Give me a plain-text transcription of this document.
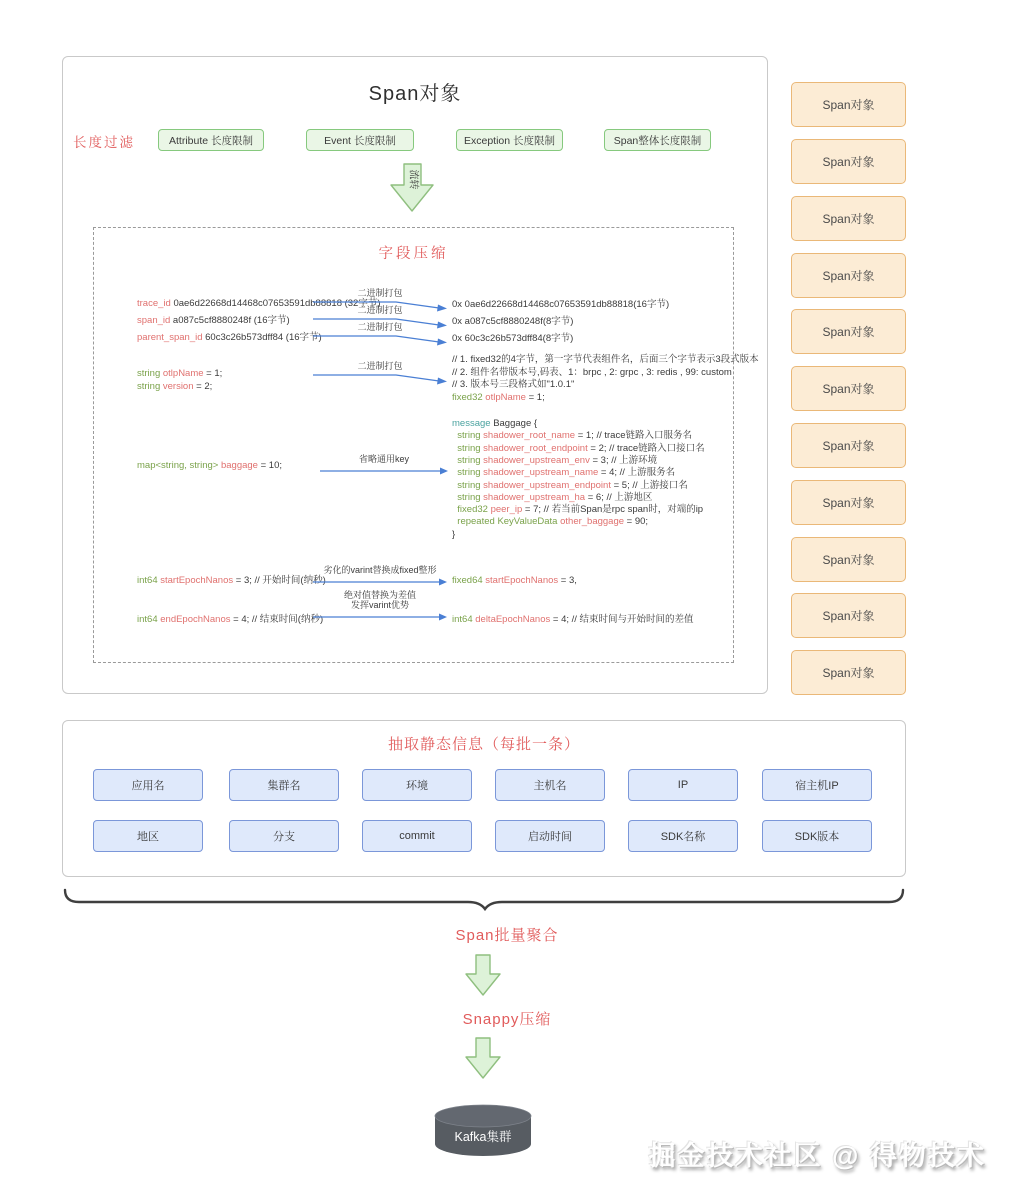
Span对象
长度过滤	Attribute 长度限制	Event 长度限制	Exception 长度限制	Span整体长度限制
流转
字段压缩
trace_id 0ae6d22668d14468c07653591db88818 (32字节)
二进制打包
0x 0ae6d22668d14468c07653591db88818(16字节)
span_id a087c5cf8880248f (16字节)
二进制打包
0x a087c5cf8880248f(8字节)
parent_span_id 60c3c26b573dff84 (16字节)
二进制打包
0x 60c3c26b573dff84(8字节)
string otlpName = 1;
string version = 2;
二进制打包
// 1. fixed32的4字节，第一字节代表组件名，后面三个字节表示3段式版本
// 2. 组件名带版本号,码表、1：brpc , 2: grpc , 3: redis , 99: custom
// 3. 版本号三段格式如"1.0.1"
fixed32 otlpName = 1;
map<string, string> baggage = 10;
省略通用key
message Baggage {
string shadower_root_name = 1; // trace链路入口服务名
string shadower_root_endpoint = 2; // trace链路入口接口名
string shadower_upstream_env = 3; // 上游环境
string shadower_upstream_name = 4; // 上游服务名
string shadower_upstream_endpoint = 5; // 上游接口名
string shadower_upstream_ha = 6; // 上游地区
fixed32 peer_ip = 7; // 若当前Span是rpc span时，对端的ip
repeated KeyValueData other_baggage = 90;
}
int64 startEpochNanos = 3; // 开始时间(纳秒)
劣化的varint替换成fixed整形
fixed64 startEpochNanos = 3,
int64 endEpochNanos = 4; // 结束时间(纳秒)
绝对值替换为差值
发挥varint优势
int64 deltaEpochNanos = 4; // 结束时间与开始时间的差值
Span对象
Span对象
Span对象
Span对象
Span对象
Span对象
Span对象
Span对象
Span对象
Span对象
Span对象
抽取静态信息（每批一条）
应用名	集群名	环境	主机名	IP	宿主机IP
地区	分支	commit	启动时间	SDK名称	SDK版本
Span批量聚合
Snappy压缩
Kafka集群
掘金技术社区 @ 得物技术
